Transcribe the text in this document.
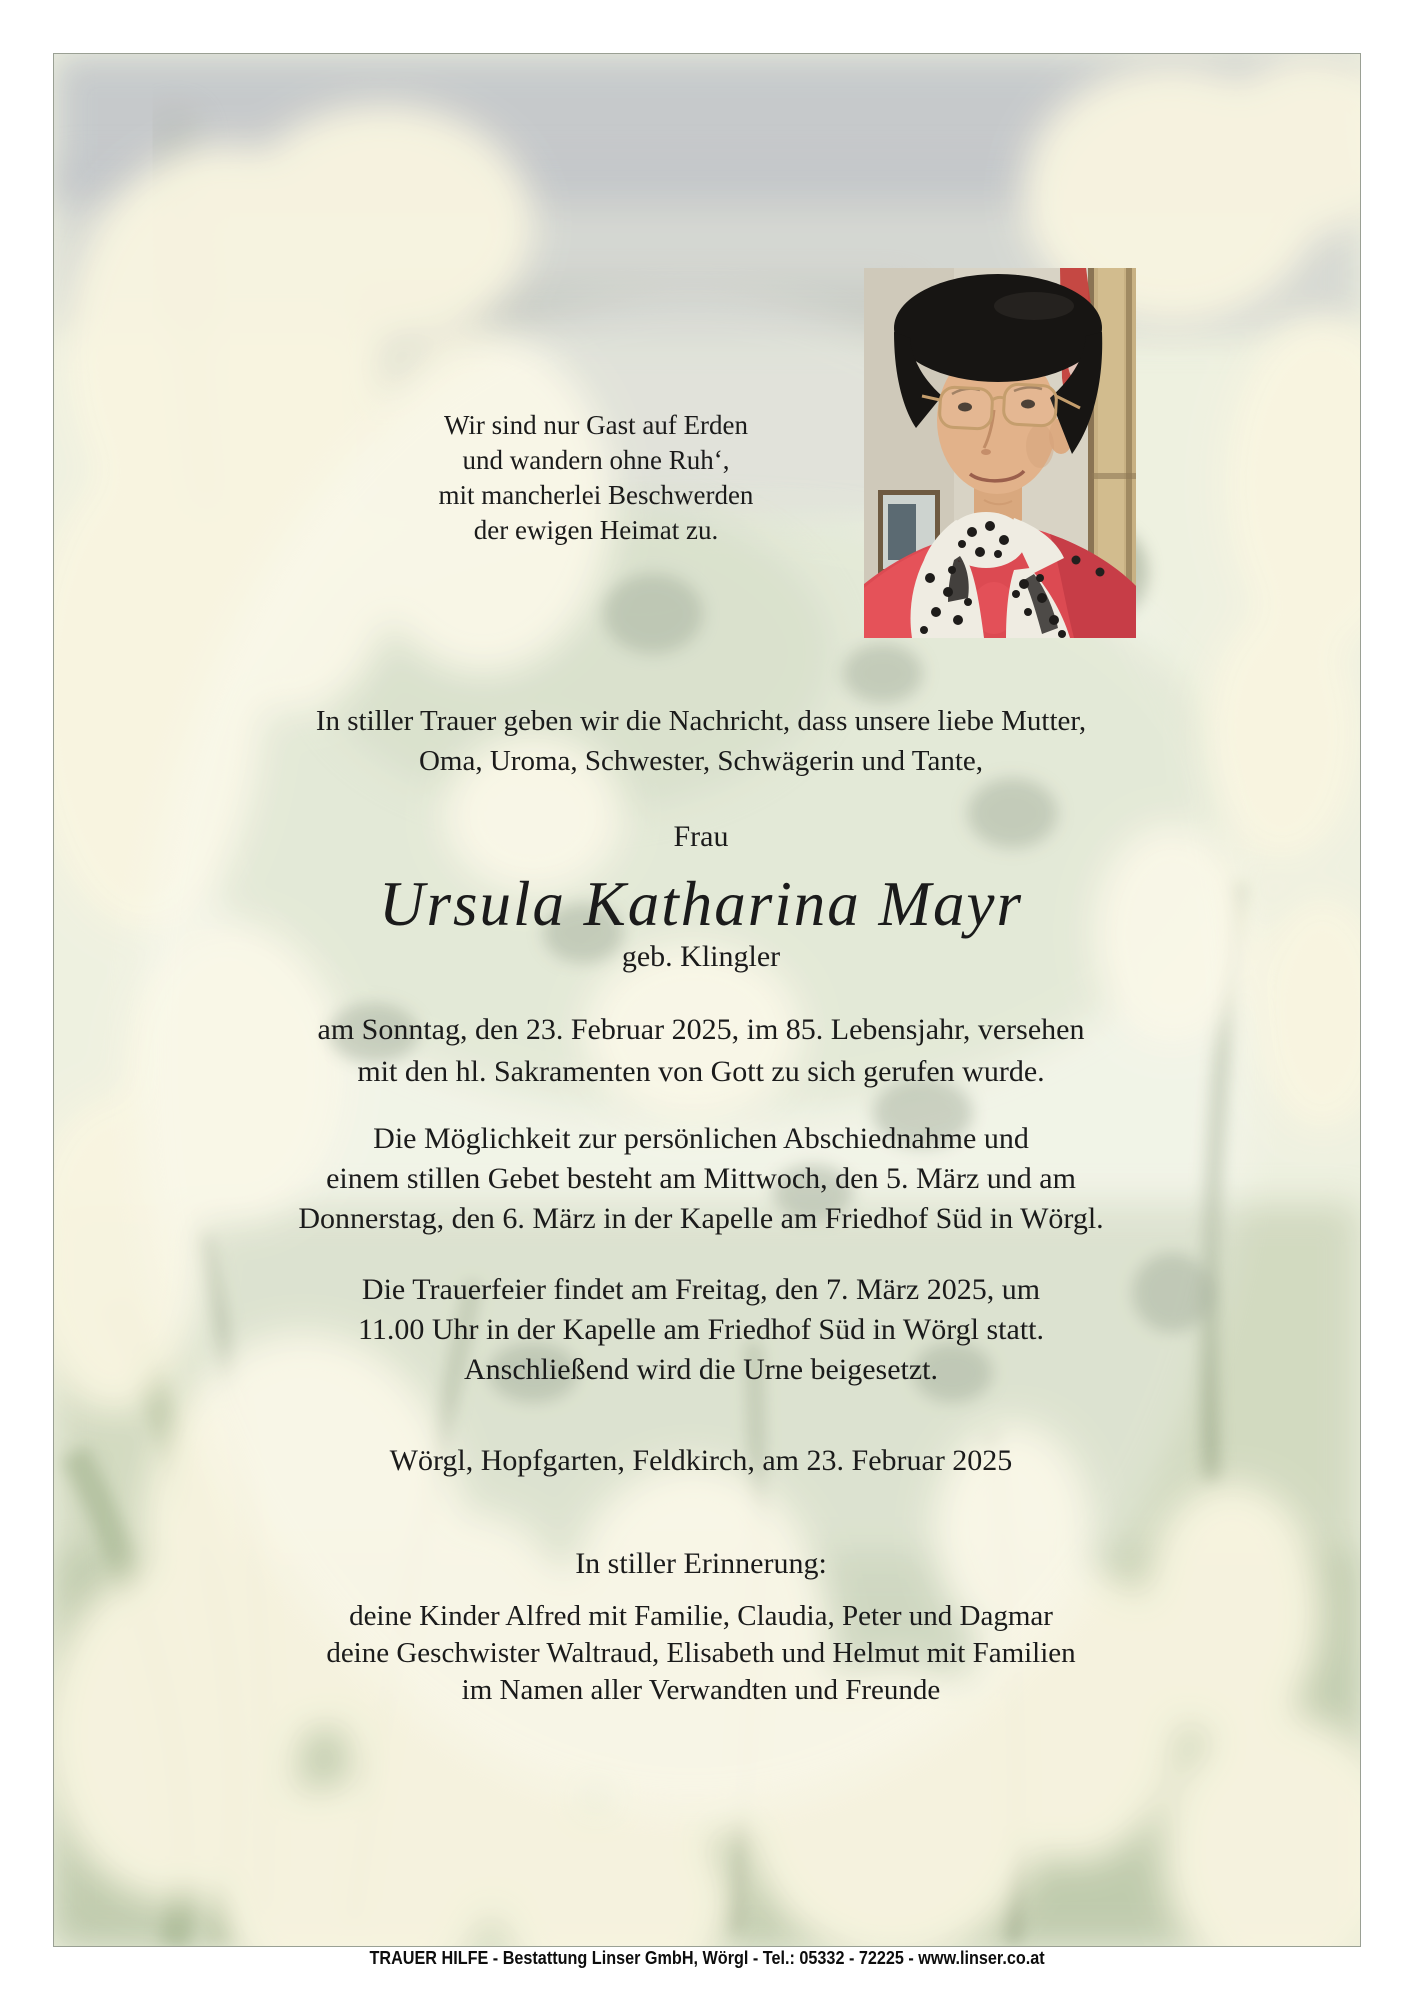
Wir sind nur Gast auf Erden
und wandern ohne Ruh‘,
mit mancherlei Beschwerden
der ewigen Heimat zu.
In stiller Trauer geben wir die Nachricht, dass unsere liebe Mutter,
Oma, Uroma, Schwester, Schwägerin und Tante,
Frau
Ursula Katharina Mayr
geb. Klingler
am Sonntag, den 23. Februar 2025, im 85. Lebensjahr, versehen
mit den hl. Sakramenten von Gott zu sich gerufen wurde.
Die Möglichkeit zur persönlichen Abschiednahme und
einem stillen Gebet besteht am Mittwoch, den 5. März und am
Donnerstag, den 6. März in der Kapelle am Friedhof Süd in Wörgl.
Die Trauerfeier findet am Freitag, den 7. März 2025, um
11.00 Uhr in der Kapelle am Friedhof Süd in Wörgl statt.
Anschließend wird die Urne beigesetzt.
Wörgl, Hopfgarten, Feldkirch, am 23. Februar 2025
In stiller Erinnerung:
deine Kinder Alfred mit Familie, Claudia, Peter und Dagmar
deine Geschwister Waltraud, Elisabeth und Helmut mit Familien
im Namen aller Verwandten und Freunde
TRAUER HILFE - Bestattung Linser GmbH, Wörgl - Tel.: 05332 - 72225 - www.linser.co.at
